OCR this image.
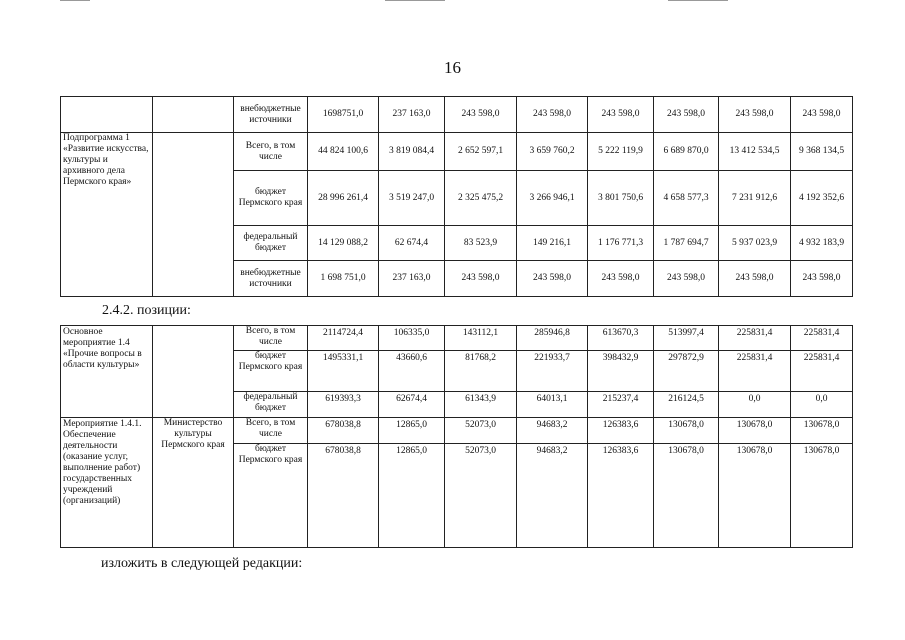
16
		внебюджетные источники	1698751,0	237 163,0	243 598,0	243 598,0	243 598,0	243 598,0	243 598,0	243 598,0
Подпрограмма 1 «Развитие искусства, культуры и архивного дела Пермского края»		Всего, в том числе	44 824 100,6	3 819 084,4	2 652 597,1	3 659 760,2	5 222 119,9	6 689 870,0	13 412 534,5	9 368 134,5
		бюджет Пермского края	28 996 261,4	3 519 247,0	2 325 475,2	3 266 946,1	3 801 750,6	4 658 577,3	7 231 912,6	4 192 352,6
		федеральный бюджет	14 129 088,2	62 674,4	83 523,9	149 216,1	1 176 771,3	1 787 694,7	5 937 023,9	4 932 183,9
		внебюджетные источники	1 698 751,0	237 163,0	243 598,0	243 598,0	243 598,0	243 598,0	243 598,0	243 598,0
2.4.2. позиции:
Основное мероприятие 1.4 «Прочие вопросы в области культуры»		Всего, в том числе	2114724,4	106335,0	143112,1	285946,8	613670,3	513997,4	225831,4	225831,4
		бюджет Пермского края	1495331,1	43660,6	81768,2	221933,7	398432,9	297872,9	225831,4	225831,4
		федеральный бюджет	619393,3	62674,4	61343,9	64013,1	215237,4	216124,5	0,0	0,0
Мероприятие 1.4.1. Обеспечение деятельности (оказание услуг, выполнение работ) государственных учреждений (организаций)	Министерство культуры Пермского края	Всего, в том числе	678038,8	12865,0	52073,0	94683,2	126383,6	130678,0	130678,0	130678,0
		бюджет Пермского края	678038,8	12865,0	52073,0	94683,2	126383,6	130678,0	130678,0	130678,0
изложить в следующей редакции:
